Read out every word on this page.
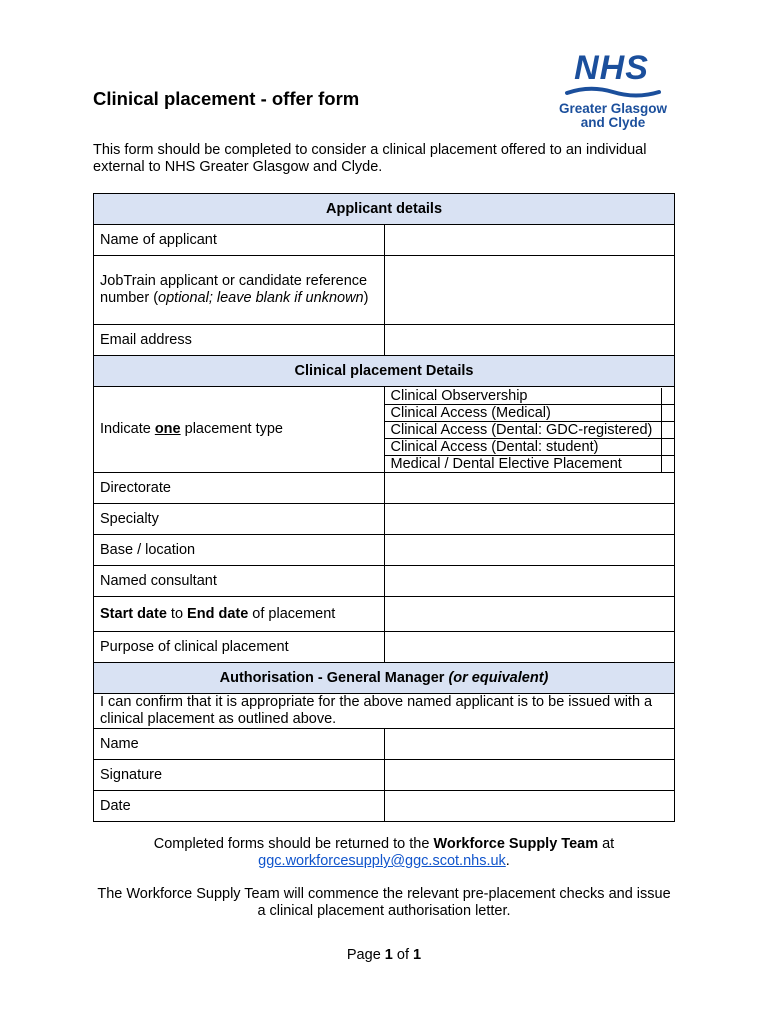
Clinical placement - offer form
NHS
Greater Glasgow
and Clyde

This form should be completed to consider a clinical placement offered to an individual external to NHS Greater Glasgow and Clyde.

Applicant details
Name of applicant	
JobTrain applicant or candidate reference number (optional; leave blank if unknown)	
Email address	
Clinical placement Details
Indicate one placement type	
Clinical Observership	
Clinical Access (Medical)	
Clinical Access (Dental: GDC-registered)	
Clinical Access (Dental: student)	
Medical / Dental Elective Placement	

Directorate	
Specialty	
Base / location	
Named consultant	
Start date to End date of placement	
Purpose of clinical placement	
Authorisation - General Manager (or equivalent)
I can confirm that it is appropriate for the above named applicant is to be issued with a clinical placement as outlined above.
Name	
Signature	
Date	

Completed forms should be returned to the Workforce Supply Team at
ggc.workforcesupply@ggc.scot.nhs.uk.

The Workforce Supply Team will commence the relevant pre-placement checks and issue a clinical placement authorisation letter.

Page 1 of 1
